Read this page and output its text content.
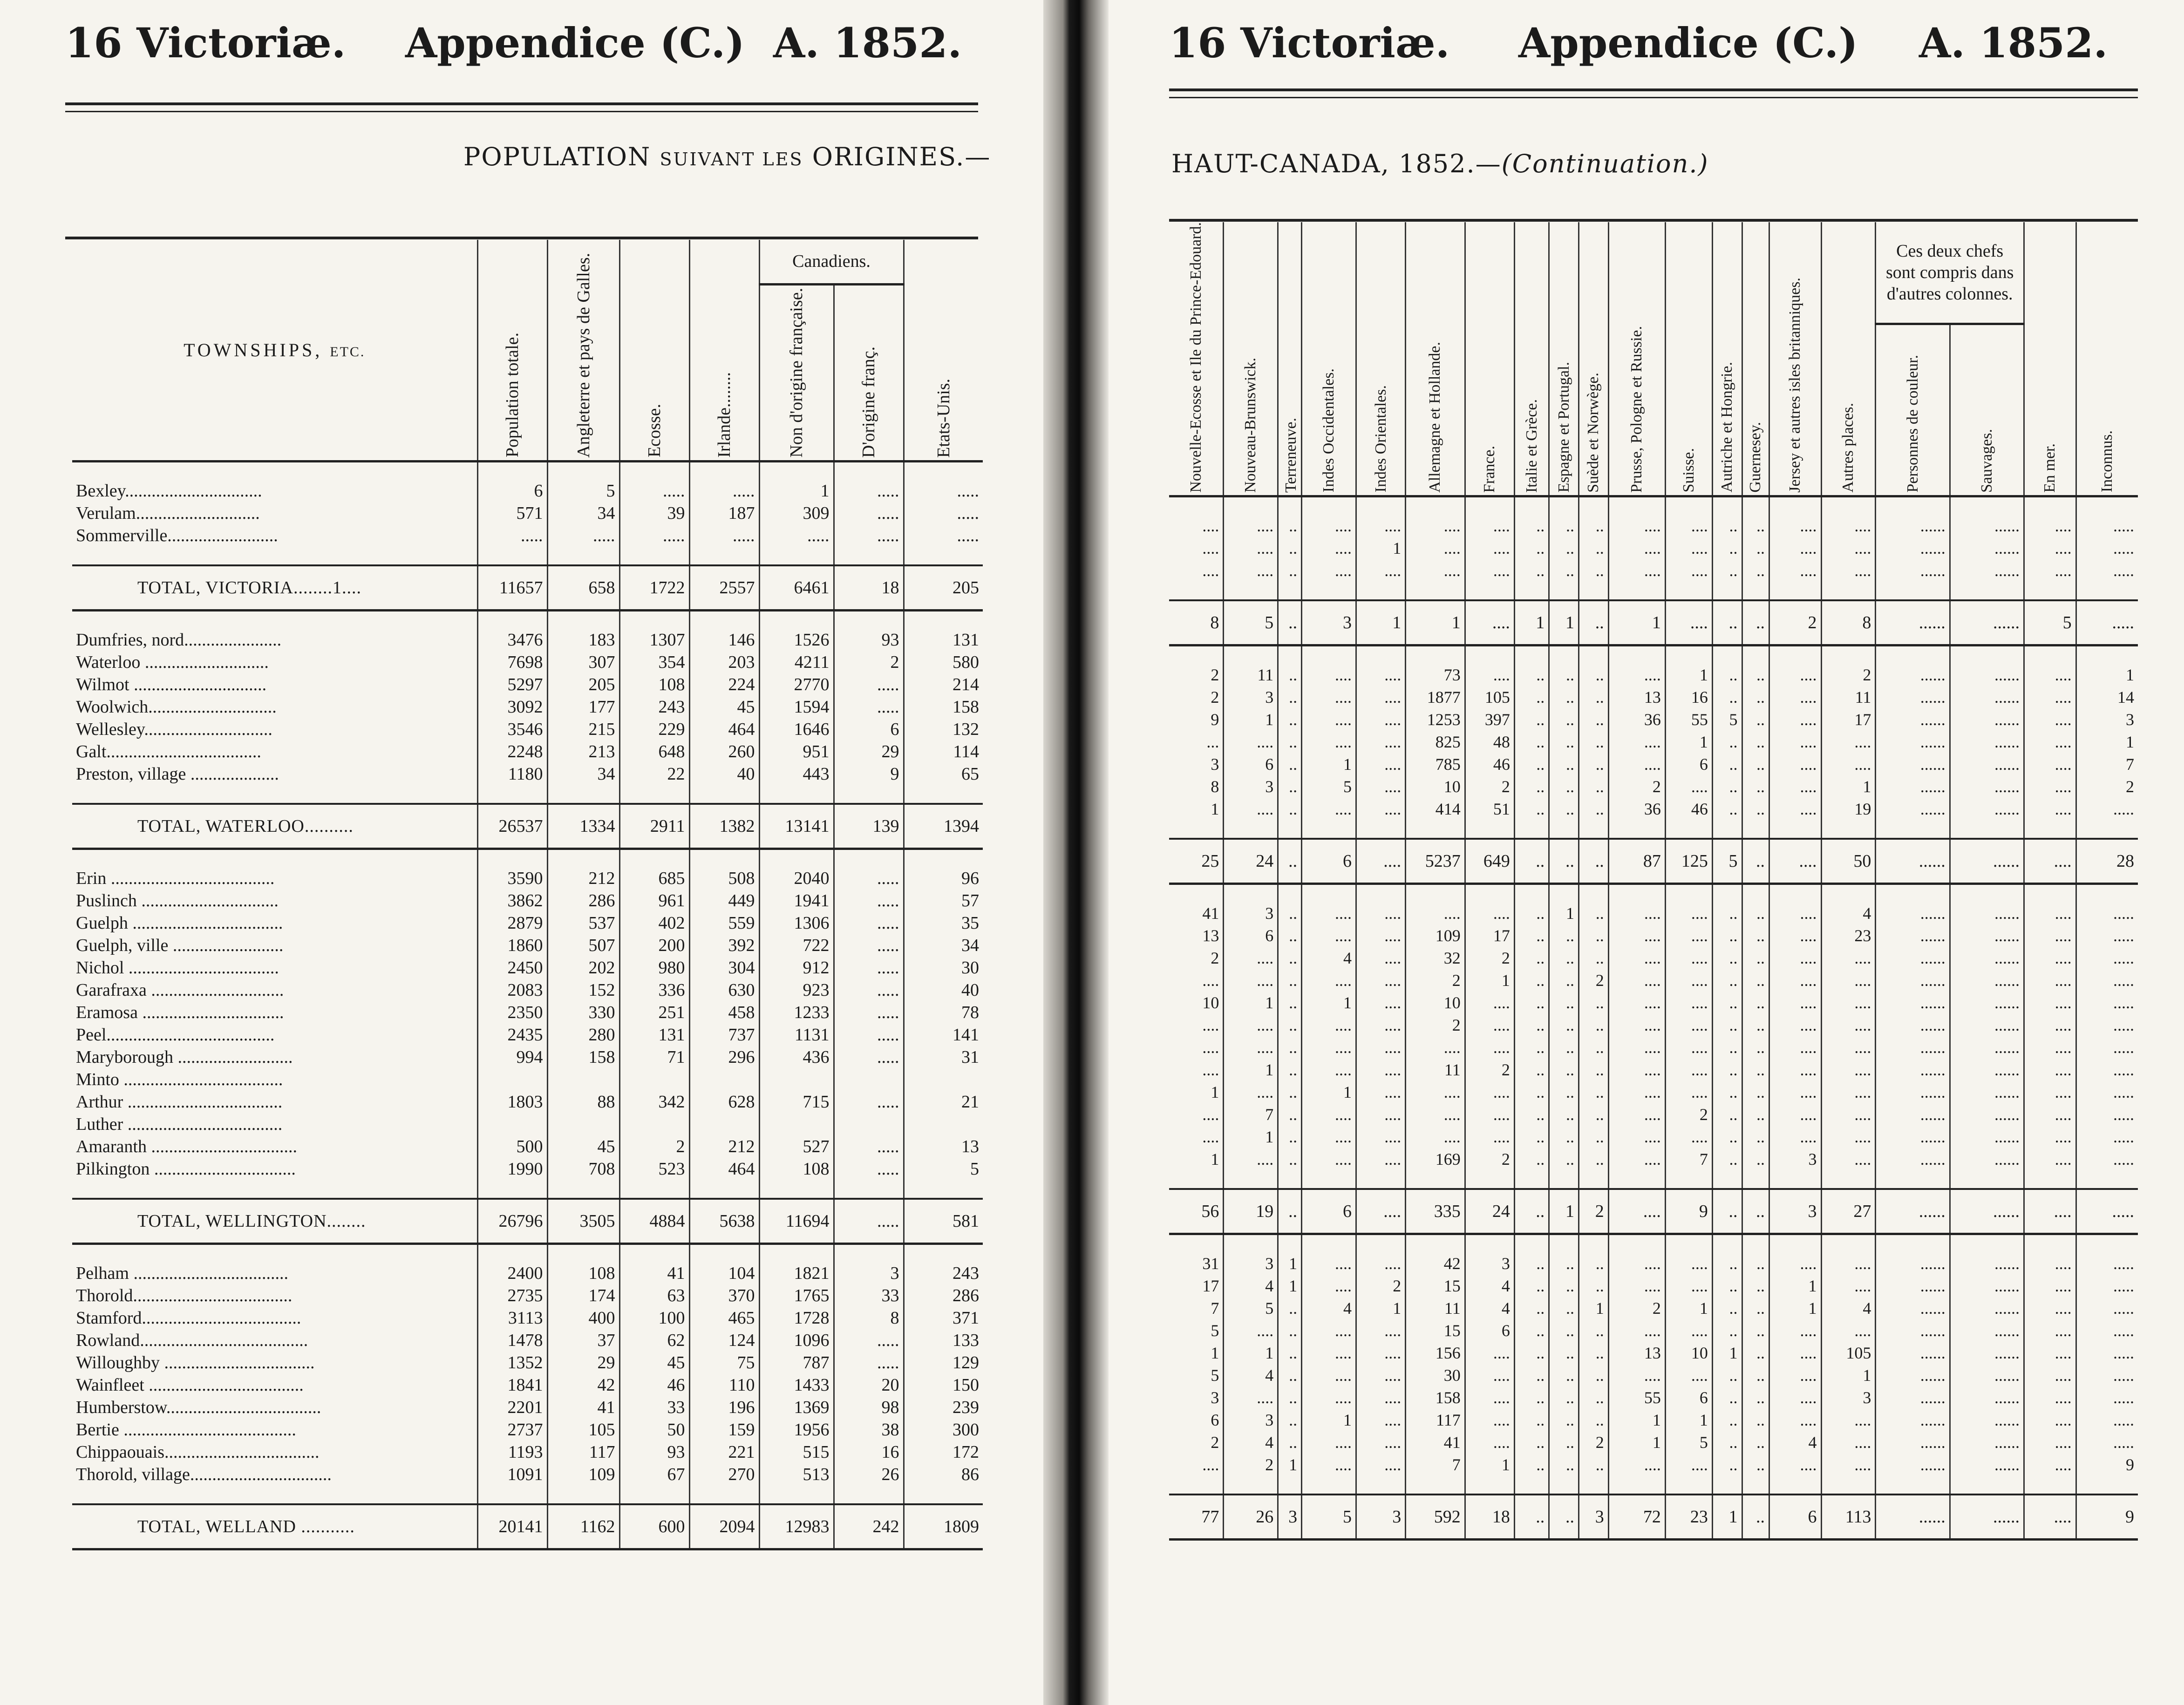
16 Victoriæ. Appendice (C.) A. 1852.
POPULATION SUIVANT LES ORIGINES.—
TOWNSHIPS, ETC.	Population totale.	Angleterre et pays de Galles.	Ecosse.	Irlande........	Canadiens.		Etats-Unis.
					Non d'origine française.	D'origine franç.	

Bexley...............................	6	5	.....	.....	1	.....	.....
Verulam............................	571	34	39	187	309	.....	.....
Sommerville.........................	.....	.....	.....	.....	.....	.....	.....

TOTAL, VICTORIA........1....	11657	658	1722	2557	6461	18	205

Dumfries, nord......................	3476	183	1307	146	1526	93	131
Waterloo ............................	7698	307	354	203	4211	2	580
Wilmot ..............................	5297	205	108	224	2770	.....	214
Woolwich.............................	3092	177	243	45	1594	.....	158
Wellesley.............................	3546	215	229	464	1646	6	132
Galt...................................	2248	213	648	260	951	29	114
Preston, village ....................	1180	34	22	40	443	9	65

TOTAL, WATERLOO..........	26537	1334	2911	1382	13141	139	1394

Erin .....................................	3590	212	685	508	2040	.....	96
Puslinch ...............................	3862	286	961	449	1941	.....	57
Guelph ..................................	2879	537	402	559	1306	.....	35
Guelph, ville .........................	1860	507	200	392	722	.....	34
Nichol ..................................	2450	202	980	304	912	.....	30
Garafraxa ..............................	2083	152	336	630	923	.....	40
Eramosa ................................	2350	330	251	458	1233	.....	78
Peel......................................	2435	280	131	737	1131	.....	141
Maryborough ..........................	994	158	71	296	436	.....	31
Minto ....................................							
Arthur ...................................	1803	88	342	628	715	.....	21
Luther ...................................							
Amaranth .................................	500	45	2	212	527	.....	13
Pilkington ................................	1990	708	523	464	108	.....	5

TOTAL, WELLINGTON........	26796	3505	4884	5638	11694	.....	581

Pelham ...................................	2400	108	41	104	1821	3	243
Thorold....................................	2735	174	63	370	1765	33	286
Stamford....................................	3113	400	100	465	1728	8	371
Rowland......................................	1478	37	62	124	1096	.....	133
Willoughby ..................................	1352	29	45	75	787	.....	129
Wainfleet ...................................	1841	42	46	110	1433	20	150
Humberstow...................................	2201	41	33	196	1369	98	239
Bertie .......................................	2737	105	50	159	1956	38	300
Chippaouais...................................	1193	117	93	221	515	16	172
Thorold, village................................	1091	109	67	270	513	26	86

TOTAL, WELLAND ...........	20141	1162	600	2094	12983	242	1809
16 Victoriæ. Appendice (C.) A. 1852.
HAUT-CANADA, 1852.—(Continuation.)
Nouvelle-Ecosse et Ile du Prince-Edouard.	Nouveau-Brunswick.	Terreneuve.	Indes Occidentales.	Indes Orientales.	Allemagne et Hollande.	France.	Italie et Grèce.	Espagne et Portugal.	Suède et Norwège.	Prusse, Pologne et Russie.	Suisse.	Autriche et Hongrie.	Guernesey.	Jersey et autres isles britanniques.	Autres places.	Ces deux chefs sont compris dans d'autres colonnes.		En mer.	Inconnus.
																Personnes de couleur.	Sauvages.		

....	....	..	....	....	....	....	..	..	..	....	....	..	..	....	....	......	......	....	.....
....	....	..	....	1	....	....	..	..	..	....	....	..	..	....	....	......	......	....	.....
....	....	..	....	....	....	....	..	..	..	....	....	..	..	....	....	......	......	....	.....

8	5	..	3	1	1	....	1	1	..	1	....	..	..	2	8	......	......	5	.....

2	11	..	....	....	73	....	..	..	..	....	1	..	..	....	2	......	......	....	1
2	3	..	....	....	1877	105	..	..	..	13	16	..	..	....	11	......	......	....	14
9	1	..	....	....	1253	397	..	..	..	36	55	5	..	....	17	......	......	....	3
...	....	..	....	....	825	48	..	..	..	....	1	..	..	....	....	......	......	....	1
3	6	..	1	....	785	46	..	..	..	....	6	..	..	....	....	......	......	....	7
8	3	..	5	....	10	2	..	..	..	2	....	..	..	....	1	......	......	....	2
1	....	..	....	....	414	51	..	..	..	36	46	..	..	....	19	......	......	....	.....

25	24	..	6	....	5237	649	..	..	..	87	125	5	..	....	50	......	......	....	28

41	3	..	....	....	....	....	..	1	..	....	....	..	..	....	4	......	......	....	.....
13	6	..	....	....	109	17	..	..	..	....	....	..	..	....	23	......	......	....	.....
2	....	..	4	....	32	2	..	..	..	....	....	..	..	....	....	......	......	....	.....
....	....	..	....	....	2	1	..	..	2	....	....	..	..	....	....	......	......	....	.....
10	1	..	1	....	10	....	..	..	..	....	....	..	..	....	....	......	......	....	.....
....	....	..	....	....	2	....	..	..	..	....	....	..	..	....	....	......	......	....	.....
....	....	..	....	....	....	....	..	..	..	....	....	..	..	....	....	......	......	....	.....
....	1	..	....	....	11	2	..	..	..	....	....	..	..	....	....	......	......	....	.....
1	....	..	1	....	....	....	..	..	..	....	....	..	..	....	....	......	......	....	.....

....	7	..	....	....	....	....	..	..	..	....	2	..	..	....	....	......	......	....	.....

....	1	..	....	....	....	....	..	..	..	....	....	..	..	....	....	......	......	....	.....
1	....	..	....	....	169	2	..	..	..	....	7	..	..	3	....	......	......	....	.....

56	19	..	6	....	335	24	..	1	2	....	9	..	..	3	27	......	......	....	.....

31	3	1	....	....	42	3	..	..	..	....	....	..	..	....	....	......	......	....	.....
17	4	1	....	2	15	4	..	..	..	....	....	..	..	1	....	......	......	....	.....
7	5	..	4	1	11	4	..	..	1	2	1	..	..	1	4	......	......	....	.....
5	....	..	....	....	15	6	..	..	..	....	....	..	..	....	....	......	......	....	.....
1	1	..	....	....	156	....	..	..	..	13	10	1	..	....	105	......	......	....	.....
5	4	..	....	....	30	....	..	..	..	....	....	..	..	....	1	......	......	....	.....
3	....	..	....	....	158	....	..	..	..	55	6	..	..	....	3	......	......	....	.....
6	3	..	1	....	117	....	..	..	..	1	1	..	..	....	....	......	......	....	.....
2	4	..	....	....	41	....	..	..	2	1	5	..	..	4	....	......	......	....	.....
....	2	1	....	....	7	1	..	..	..	....	....	..	..	....	....	......	......	....	9

77	26	3	5	3	592	18	..	..	3	72	23	1	..	6	113	......	......	....	9
